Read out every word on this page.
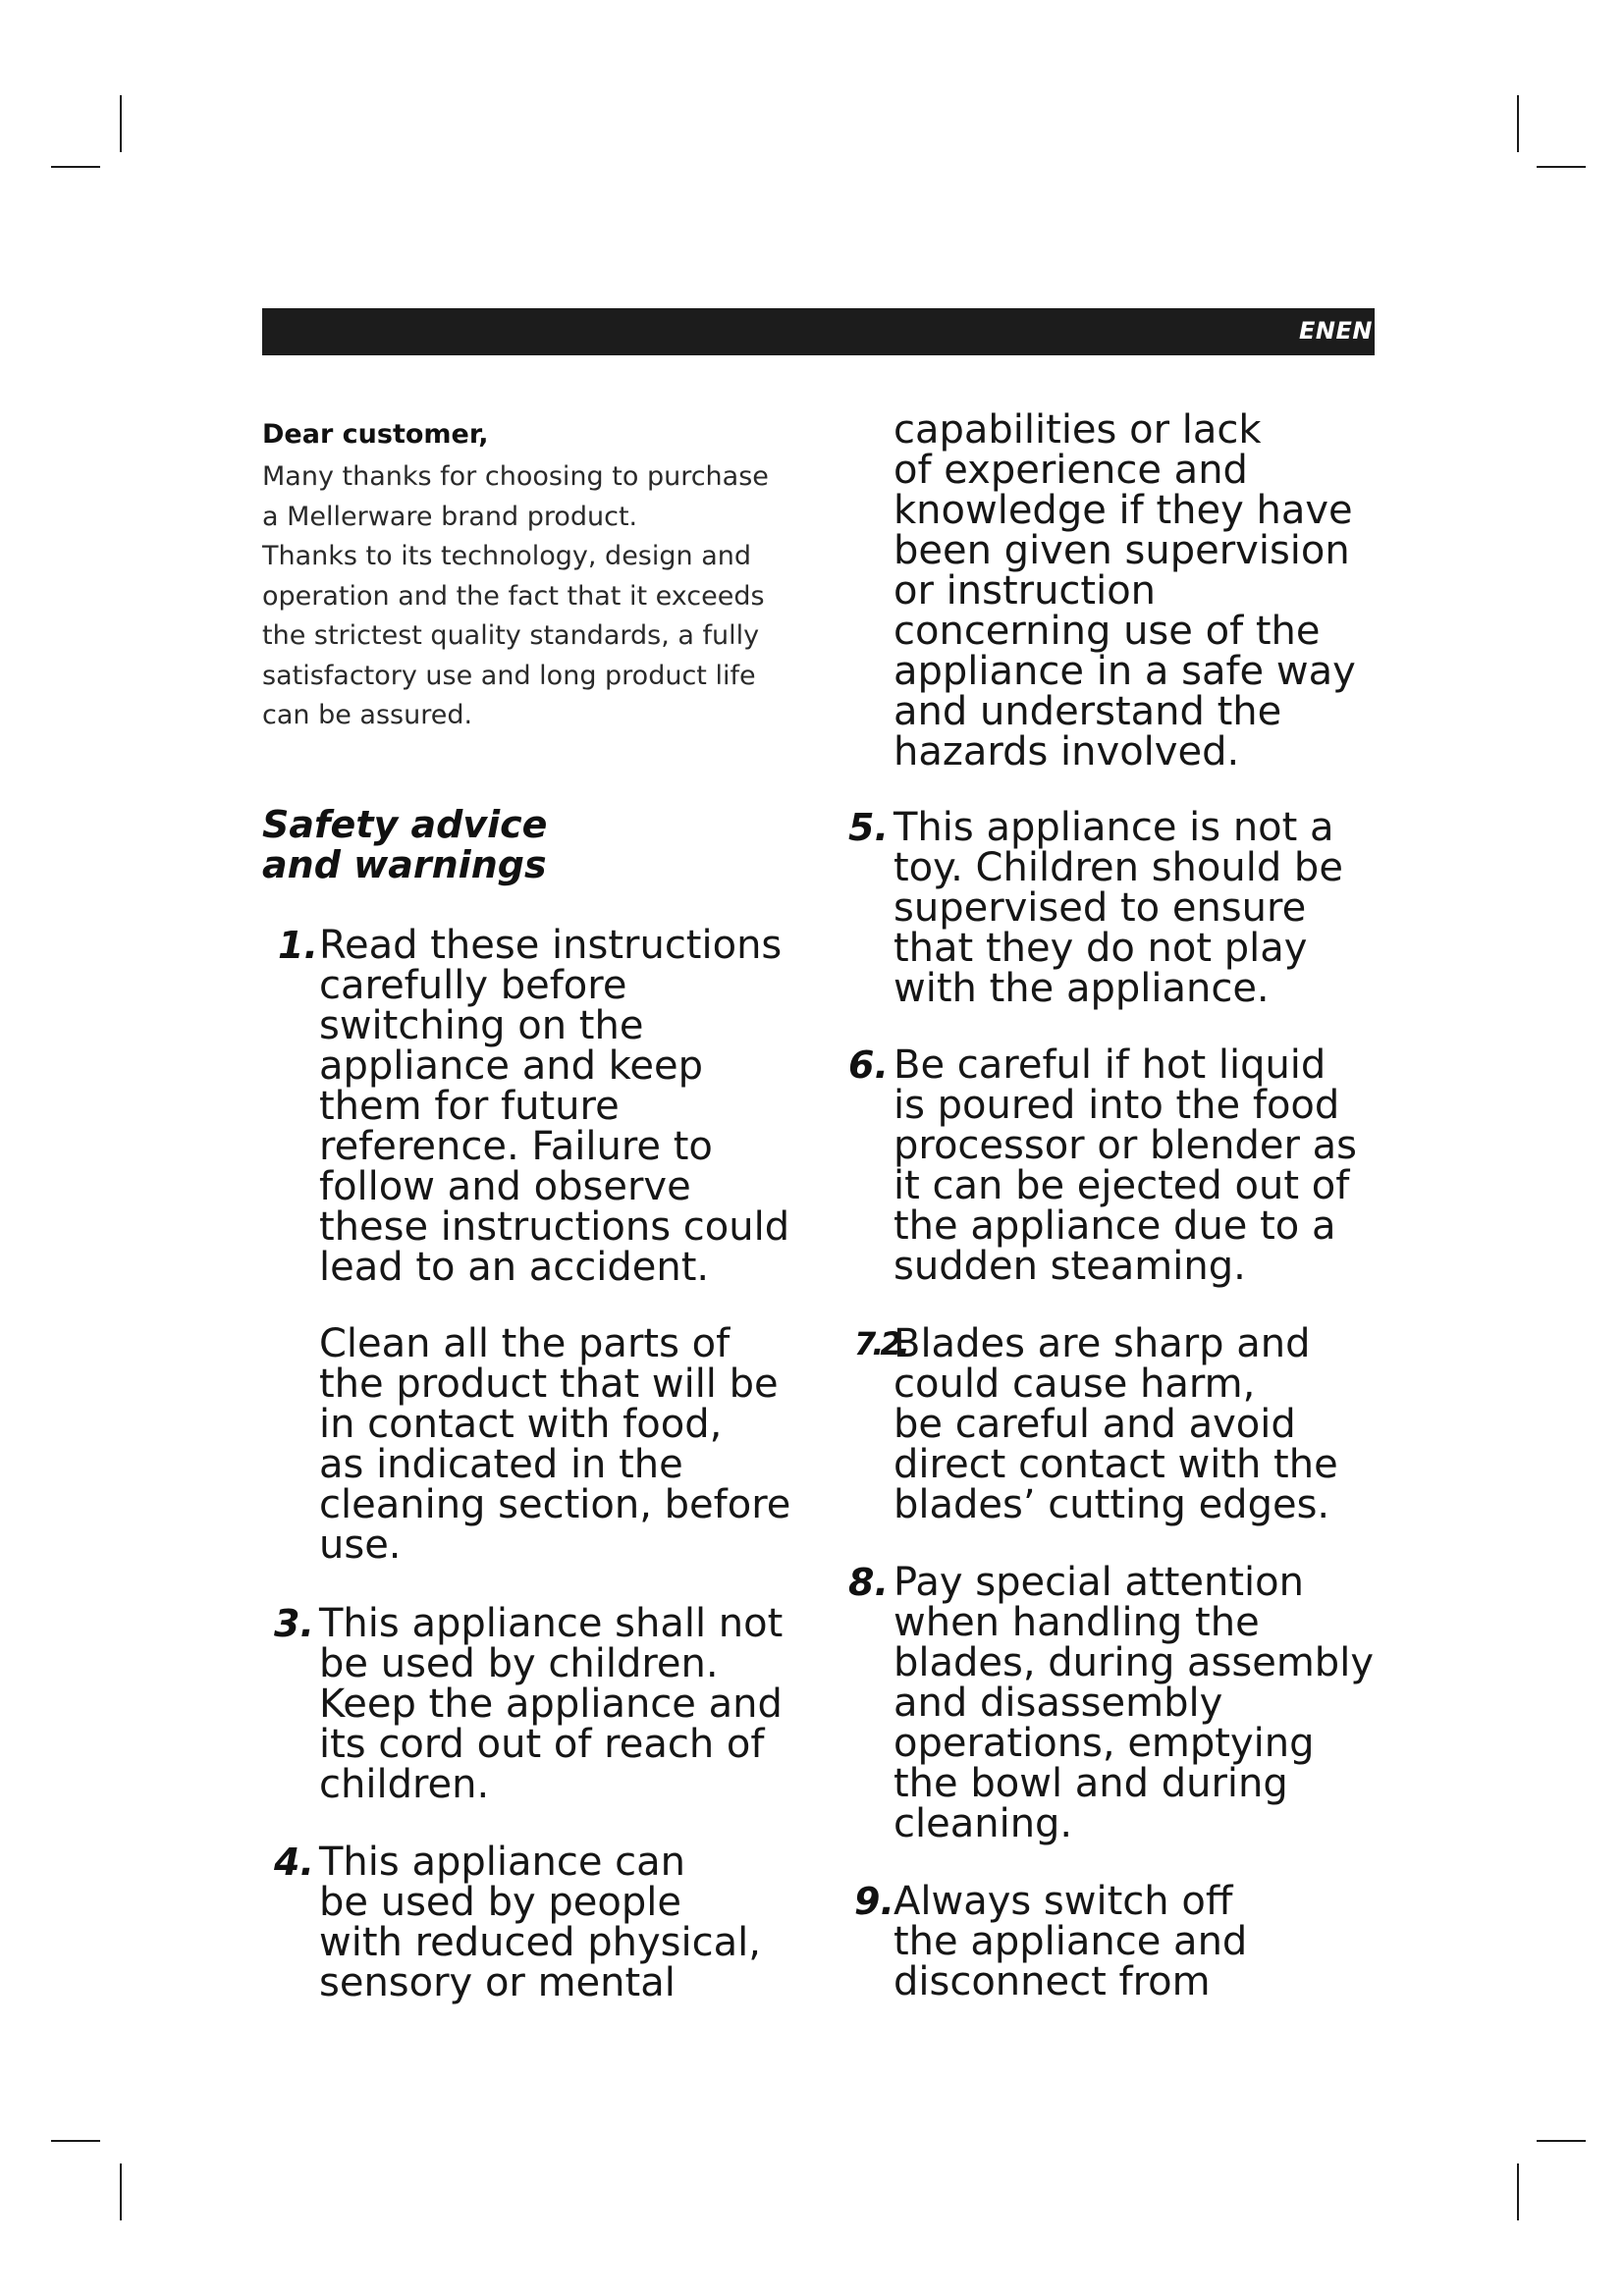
ENEN
Dear customer,
Many thanks for choosing to purchase
a Mellerware brand product.
Thanks to its technology, design and
operation and the fact that it exceeds
the strictest quality standards, a fully
satisfactory use and long product life
can be assured.
Safety advice
and warnings
1. Read these instructions
carefully before
switching on the
appliance and keep
them for future
reference. Failure to
follow and observe
these instructions could
lead to an accident.
Clean all the parts of
the product that will be
in contact with food,
as indicated in the
cleaning section, before
use.
3. This appliance shall not
be used by children.
Keep the appliance and
its cord out of reach of
children.
4. This appliance can
be used by people
with reduced physical,
sensory or mental
capabilities or lack
of experience and
knowledge if they have
been given supervision
or instruction
concerning use of the
appliance in a safe way
and understand the
hazards involved.
5. This appliance is not a
toy. Children should be
supervised to ensure
that they do not play
with the appliance.
6. Be careful if hot liquid
is poured into the food
processor or blender as
it can be ejected out of
the appliance due to a
sudden steaming.
7.2.
Blades are sharp and
could cause harm,
be careful and avoid
direct contact with the
blades’ cutting edges.
8. Pay special attention
when handling the
blades, during assembly
and disassembly
operations, emptying
the bowl and during
cleaning.
9. Always switch off
the appliance and
disconnect from
